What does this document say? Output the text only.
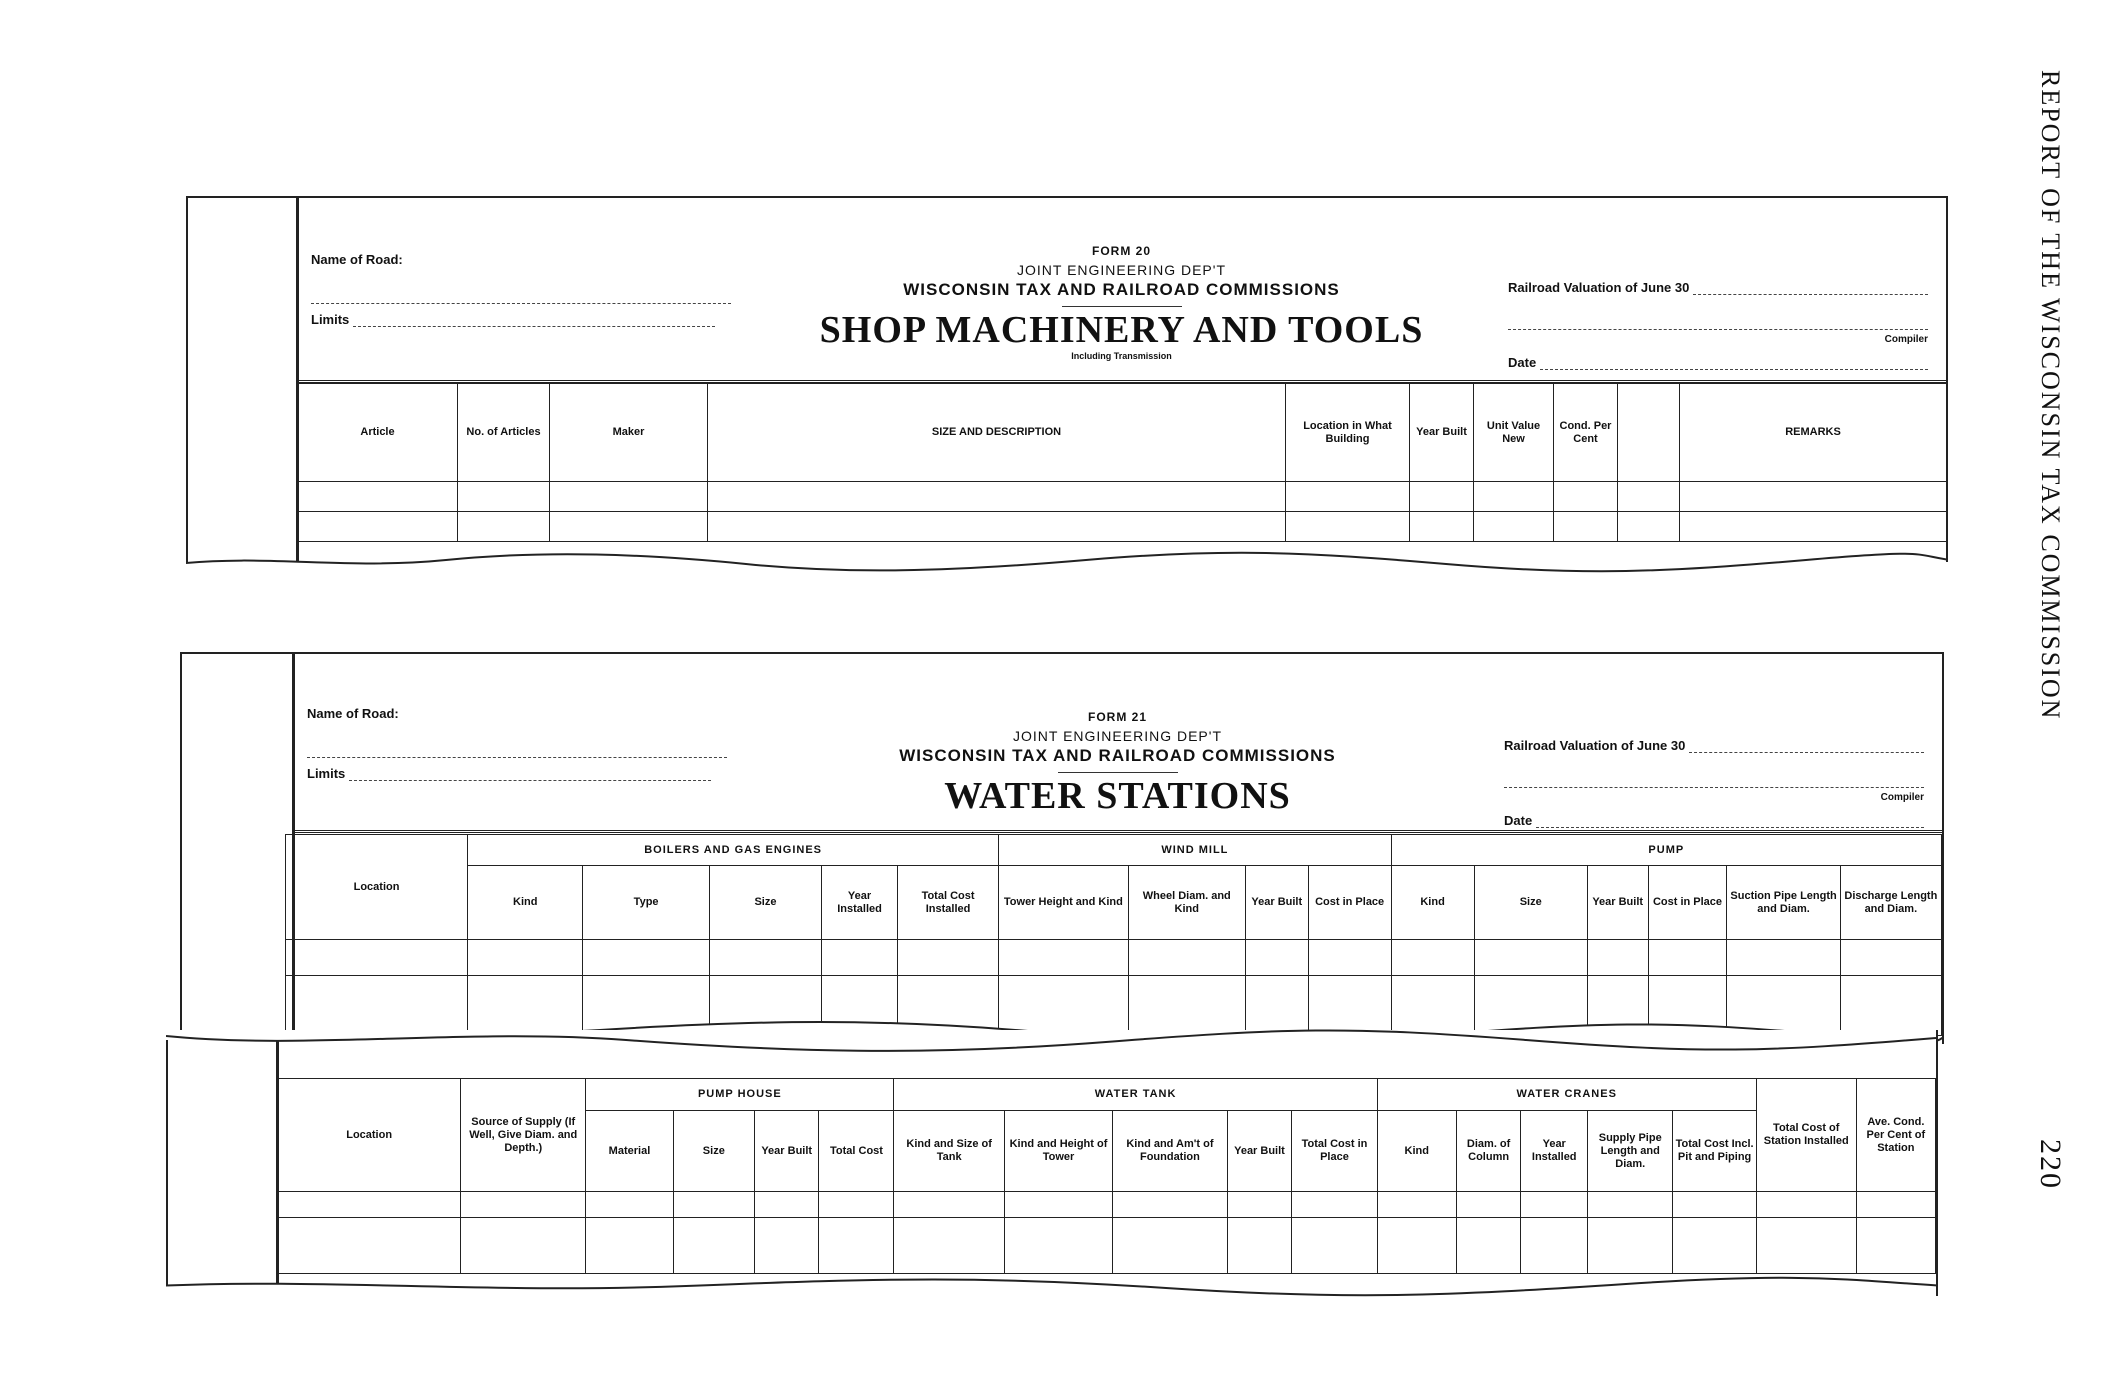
REPORT OF THE WISCONSIN TAX COMMISSION
220
Name of Road:
Limits
FORM 20
JOINT ENGINEERING DEP'T
WISCONSIN TAX AND RAILROAD COMMISSIONS
SHOP MACHINERY AND TOOLS
Including Transmission
Railroad Valuation of June 30
Compiler
Date
Article	No. of Articles	Maker	SIZE AND DESCRIPTION	Location in What Building	Year Built	Unit Value New	Cond. Per Cent		REMARKS

Name of Road:
Limits
FORM 21
JOINT ENGINEERING DEP'T
WISCONSIN TAX AND RAILROAD COMMISSIONS
WATER STATIONS
Railroad Valuation of June 30
Compiler
Date
Location	BOILERS AND GAS ENGINES					WIND MILL				PUMP					
	Kind	Type	Size	Year Installed	Total Cost Installed	Tower Height and Kind	Wheel Diam. and Kind	Year Built	Cost in Place	Kind	Size	Year Built	Cost in Place	Suction Pipe Length and Diam.	Discharge Length and Diam.

Location	Source of Supply (If Well, Give Diam. and Depth.)	PUMP HOUSE				WATER TANK					WATER CRANES					Total Cost of Station Installed	Ave. Cond. Per Cent of Station
		Material	Size	Year Built	Total Cost	Kind and Size of Tank	Kind and Height of Tower	Kind and Am't of Foundation	Year Built	Total Cost in Place	Kind	Diam. of Column	Year Installed	Supply Pipe Length and Diam.	Total Cost Incl. Pit and Piping		
